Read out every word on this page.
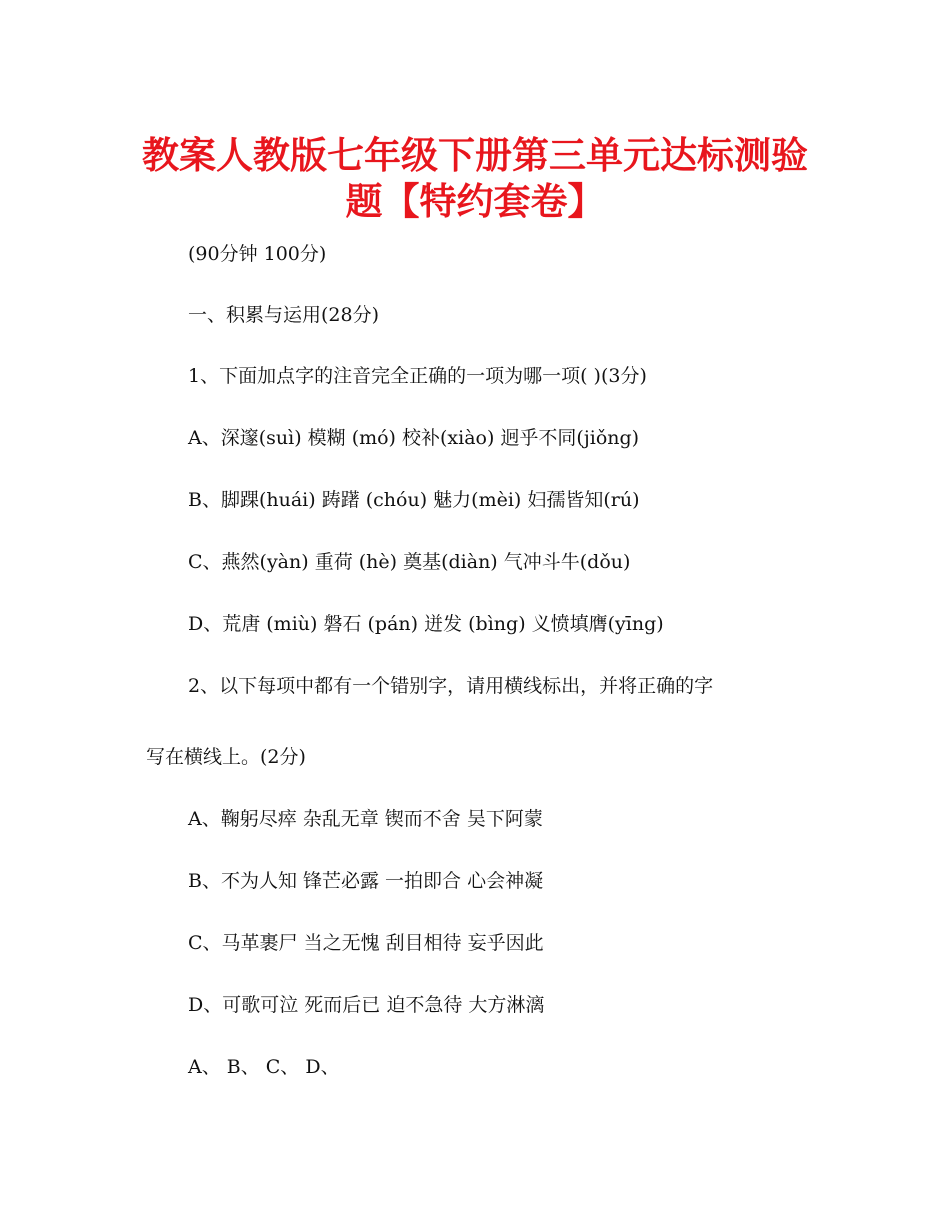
教案人教版七年级下册第三单元达标测验
题【特约套卷】
(90分钟 100分)
一、积累与运用(28分)
1、下面加点字的注音完全正确的一项为哪一项( )(3分)
A、深邃(suì) 模糊 (mó) 校补(xiào) 迥乎不同(jiǒng)
B、脚踝(huái) 踌躇 (chóu) 魅力(mèi) 妇孺皆知(rú)
C、燕然(yàn) 重荷 (hè) 奠基(diàn) 气冲斗牛(dǒu)
D、荒唐 (miù) 磐石 (pán) 迸发 (bìng) 义愤填膺(yīng)
2、以下每项中都有一个错别字，请用横线标出，并将正确的字
写在横线上。(2分)
A、鞠躬尽瘁 杂乱无章 锲而不舍 吴下阿蒙
B、不为人知 锋芒必露 一拍即合 心会神凝
C、马革裹尸 当之无愧 刮目相待 妄乎因此
D、可歌可泣 死而后已 迫不急待 大方淋漓
A、 B、 C、 D、
